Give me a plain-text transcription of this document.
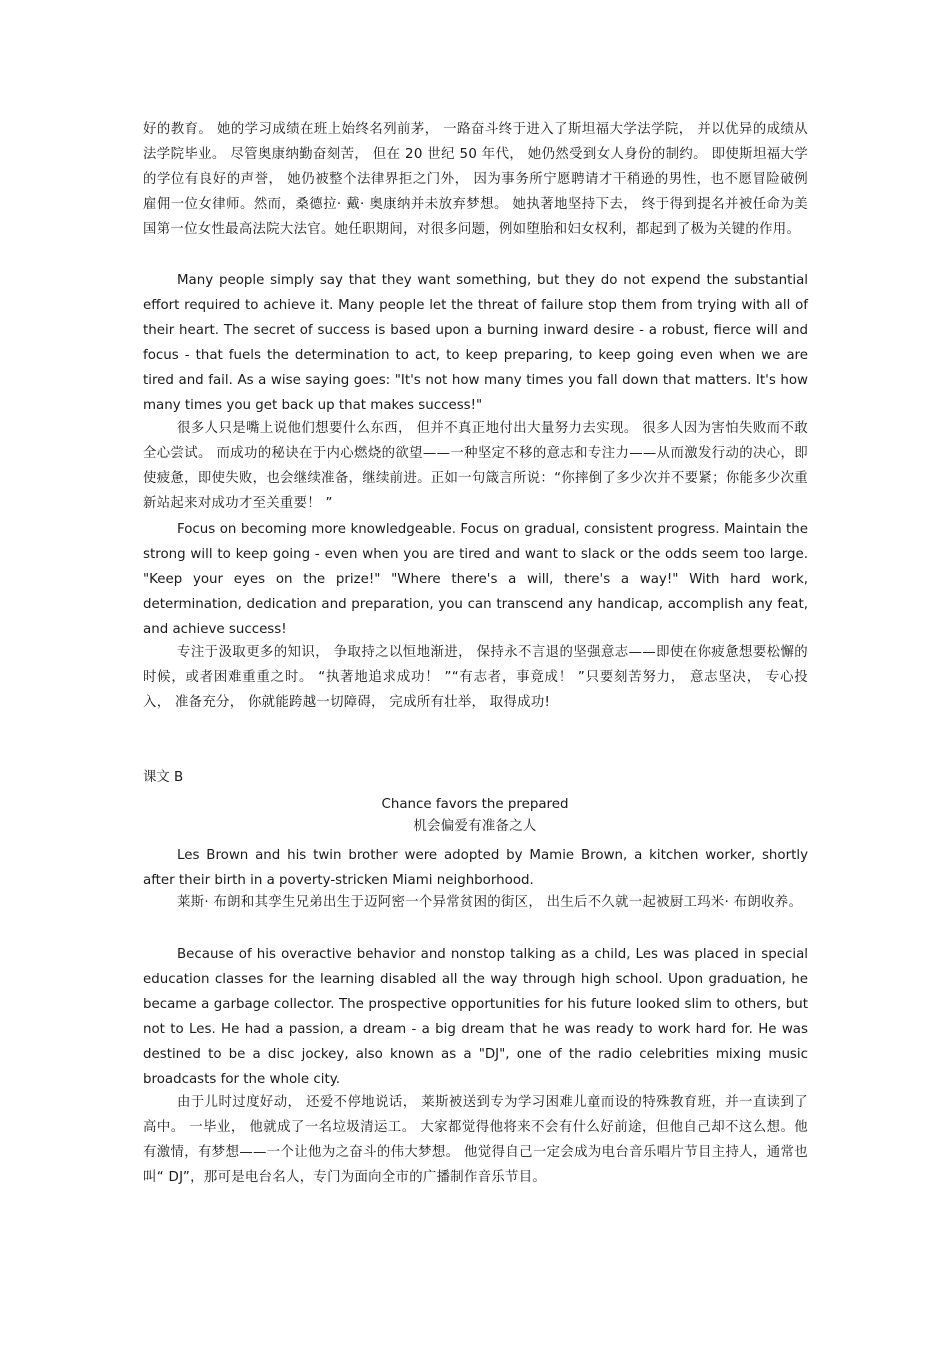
好的教育。 她的学习成绩在班上始终名列前茅， 一路奋斗终于进入了斯坦福大学法学院， 并以优异的成绩从法学院毕业。 尽管奥康纳勤奋刻苦， 但在 20 世纪 50 年代， 她仍然受到女人身份的制约。 即使斯坦福大学的学位有良好的声誉， 她仍被整个法律界拒之门外， 因为事务所宁愿聘请才干稍逊的男性，也不愿冒险破例雇佣一位女律师。然而，桑德拉· 戴· 奥康纳并未放弃梦想。 她执著地坚持下去， 终于得到提名并被任命为美国第一位女性最高法院大法官。她任职期间，对很多问题，例如堕胎和妇女权利，都起到了极为关键的作用。

Many people simply say that they want something, but they do not expend the substantial effort required to achieve it. Many people let the threat of failure stop them from trying with all of their heart. The secret of success is based upon a burning inward desire - a robust, fierce will and focus - that fuels the determination to act, to keep preparing, to keep going even when we are tired and fail. As a wise saying goes: "It's not how many times you fall down that matters. It's how many times you get back up that makes success!"

很多人只是嘴上说他们想要什么东西， 但并不真正地付出大量努力去实现。 很多人因为害怕失败而不敢全心尝试。 而成功的秘诀在于内心燃烧的欲望——一种坚定不移的意志和专注力——从而激发行动的决心，即使疲惫，即使失败，也会继续准备，继续前进。正如一句箴言所说：“你摔倒了多少次并不要紧；你能多少次重新站起来对成功才至关重要！ ”

Focus on becoming more knowledgeable. Focus on gradual, consistent progress. Maintain the strong will to keep going - even when you are tired and want to slack or the odds seem too large. "Keep your eyes on the prize!" "Where there's a will, there's a way!" With hard work, determination, dedication and preparation, you can transcend any handicap, accomplish any feat, and achieve success!

专注于汲取更多的知识， 争取持之以恒地渐进， 保持永不言退的坚强意志——即使在你疲惫想要松懈的时候，或者困难重重之时。 “执著地追求成功！ ”“有志者，事竟成！ ”只要刻苦努力， 意志坚决， 专心投入， 准备充分， 你就能跨越一切障碍， 完成所有壮举， 取得成功!

课文 B
Chance favors the prepared
机会偏爱有准备之人

Les Brown and his twin brother were adopted by Mamie Brown, a kitchen worker, shortly after their birth in a poverty-stricken Miami neighborhood.

莱斯· 布朗和其孪生兄弟出生于迈阿密一个异常贫困的街区， 出生后不久就一起被厨工玛米· 布朗收养。

Because of his overactive behavior and nonstop talking as a child, Les was placed in special education classes for the learning disabled all the way through high school. Upon graduation, he became a garbage collector. The prospective opportunities for his future looked slim to others, but not to Les. He had a passion, a dream - a big dream that he was ready to work hard for. He was destined to be a disc jockey, also known as a "DJ", one of the radio celebrities mixing music broadcasts for the whole city.

由于儿时过度好动， 还爱不停地说话， 莱斯被送到专为学习困难儿童而设的特殊教育班，并一直读到了高中。 一毕业， 他就成了一名垃圾清运工。 大家都觉得他将来不会有什么好前途，但他自己却不这么想。他有激情，有梦想——一个让他为之奋斗的伟大梦想。 他觉得自己一定会成为电台音乐唱片节目主持人，通常也叫“ DJ”，那可是电台名人，专门为面向全市的广播制作音乐节目。
